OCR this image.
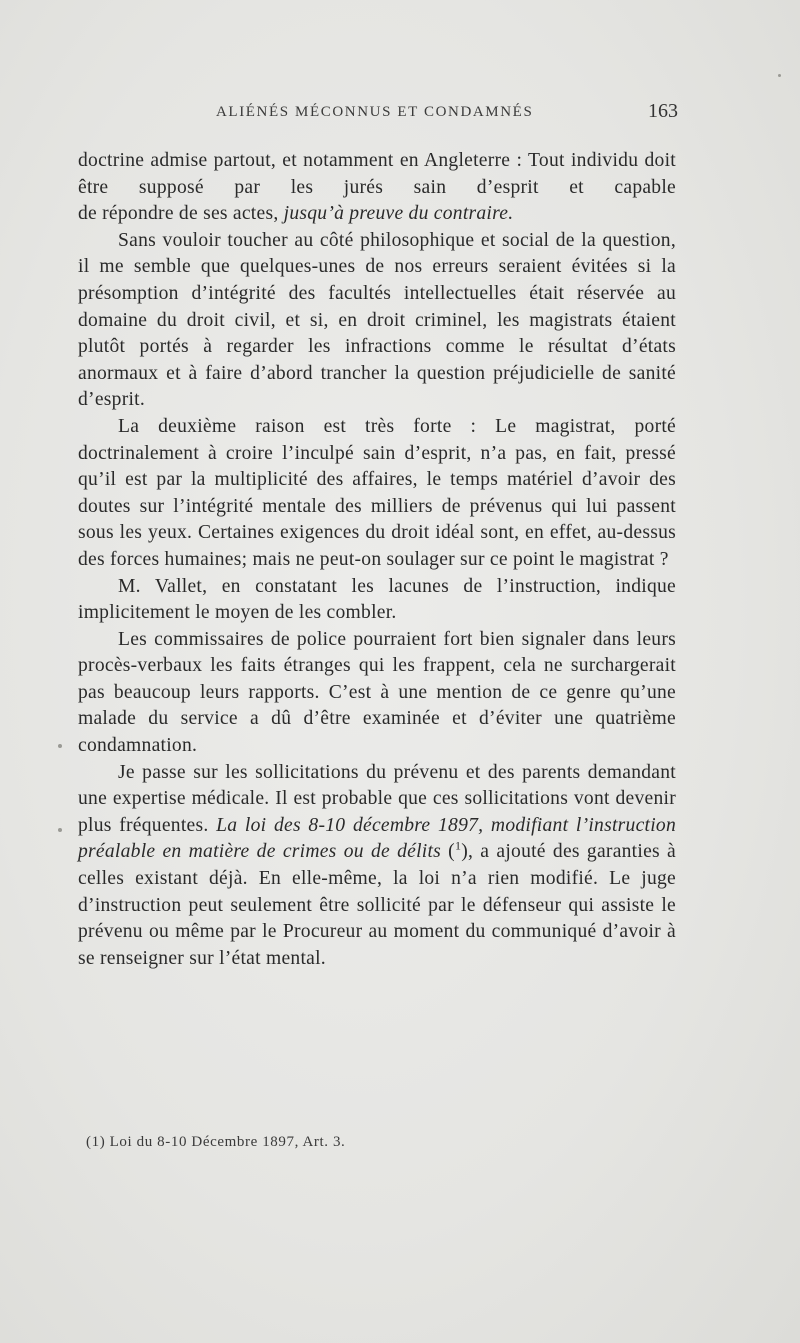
ALIÉNÉS MÉCONNUS ET CONDAMNÉS	163

doctrine admise partout, et notamment en Angleterre : Tout individu doit être supposé par les jurés sain d’esprit et capable

de répondre de ses actes, jusqu’à preuve du contraire.

Sans vouloir toucher au côté philosophique et social de la question, il me semble que quelques-unes de nos erreurs seraient évitées si la présomption d’intégrité des facultés intellectuelles était réservée au domaine du droit civil, et si, en droit criminel, les magistrats étaient plutôt portés à regarder les infractions comme le résultat d’états anormaux et à faire d’abord trancher la question préjudicielle de sanité d’esprit.

La deuxième raison est très forte : Le magistrat, porté doctrinalement à croire l’inculpé sain d’esprit, n’a pas, en fait, pressé qu’il est par la multiplicité des affaires, le temps matériel d’avoir des doutes sur l’intégrité mentale des milliers de prévenus qui lui passent sous les yeux. Certaines exigences du droit idéal sont, en effet, au-dessus des forces humaines; mais ne peut-on soulager sur ce point le magistrat ?

M. Vallet, en constatant les lacunes de l’instruction, indique implicitement le moyen de les combler.

Les commissaires de police pourraient fort bien signaler dans leurs procès-verbaux les faits étranges qui les frappent, cela ne surchargerait pas beaucoup leurs rapports. C’est à une mention de ce genre qu’une malade du service a dû d’être examinée et d’éviter une quatrième condamnation.

Je passe sur les sollicitations du prévenu et des parents demandant une expertise médicale. Il est probable que ces sollicitations vont devenir plus fréquentes. La loi des 8-10 décembre 1897, modifiant l’instruction préalable en matière de crimes ou de délits ($^1$), a ajouté des garanties à celles existant déjà. En elle-même, la loi n’a rien modifié. Le juge d’instruction peut seulement être sollicité par le défenseur qui assiste le prévenu ou même par le Procureur au moment du communiqué d’avoir à se renseigner sur l’état mental.

(1) Loi du 8-10 Décembre 1897, Art. 3.
